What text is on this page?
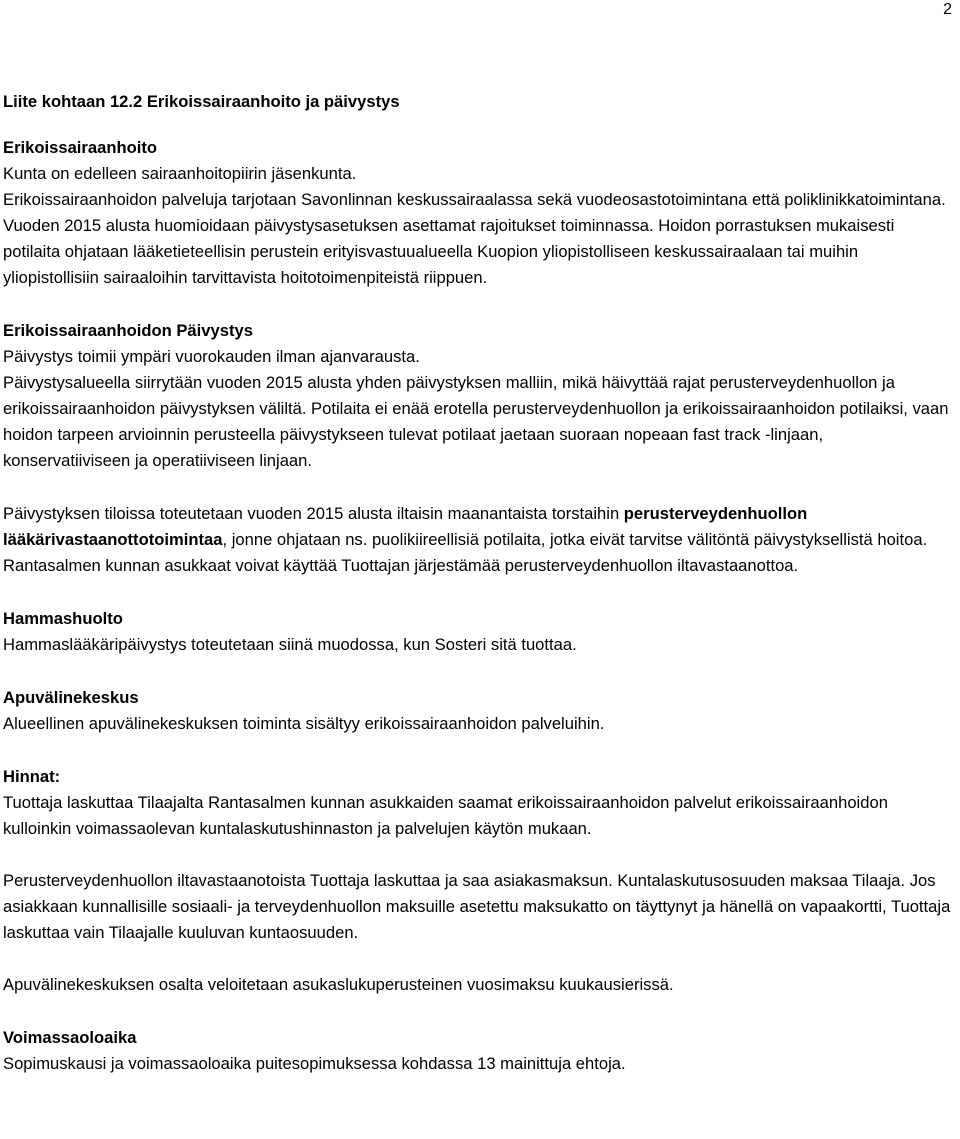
2

Liite kohtaan 12.2 Erikoissairaanhoito ja päivystys

Erikoissairaanhoito

Kunta on edelleen sairaanhoitopiirin jäsenkunta.

Erikoissairaanhoidon palveluja tarjotaan Savonlinnan keskussairaalassa sekä vuodeosastotoimintana että poliklinikkatoimintana. Vuoden 2015 alusta huomioidaan päivystysasetuksen asettamat rajoitukset toiminnassa. Hoidon porrastuksen mukaisesti potilaita ohjataan lääketieteellisin perustein erityisvastuualueella Kuopion yliopistolliseen keskussairaalaan tai muihin yliopistollisiin sairaaloihin tarvittavista hoitotoimenpiteistä riippuen.

Erikoissairaanhoidon Päivystys

Päivystys toimii ympäri vuorokauden ilman ajanvarausta.

Päivystysalueella siirrytään vuoden 2015 alusta yhden päivystyksen malliin, mikä häivyttää rajat perusterveydenhuollon ja erikoissairaanhoidon päivystyksen väliltä. Potilaita ei enää erotella perusterveydenhuollon ja erikoissairaanhoidon potilaiksi, vaan hoidon tarpeen arvioinnin perusteella päivystykseen tulevat potilaat jaetaan suoraan nopeaan fast track -linjaan, konservatiiviseen ja operatiiviseen linjaan.

Päivystyksen tiloissa toteutetaan vuoden 2015 alusta iltaisin maanantaista torstaihin perusterveydenhuollon lääkärivastaanottotoimintaa, jonne ohjataan ns. puolikiireellisiä potilaita, jotka eivät tarvitse välitöntä päivystyksellistä hoitoa. Rantasalmen kunnan asukkaat voivat käyttää Tuottajan järjestämää perusterveydenhuollon iltavastaanottoa.

Hammashuolto

Hammaslääkäripäivystys toteutetaan siinä muodossa, kun Sosteri sitä tuottaa.

Apuvälinekeskus

Alueellinen apuvälinekeskuksen toiminta sisältyy erikoissairaanhoidon palveluihin.

Hinnat:

Tuottaja laskuttaa Tilaajalta Rantasalmen kunnan asukkaiden saamat erikoissairaanhoidon palvelut erikoissairaanhoidon kulloinkin voimassaolevan kuntalaskutushinnaston ja palvelujen käytön mukaan.

Perusterveydenhuollon iltavastaanotoista Tuottaja laskuttaa ja saa asiakasmaksun. Kuntalaskutusosuuden maksaa Tilaaja. Jos asiakkaan kunnallisille sosiaali- ja terveydenhuollon maksuille asetettu maksukatto on täyttynyt ja hänellä on vapaakortti, Tuottaja laskuttaa vain Tilaajalle kuuluvan kuntaosuuden.

Apuvälinekeskuksen osalta veloitetaan asukaslukuperusteinen vuosimaksu kuukausierissä.

Voimassaoloaika

Sopimuskausi ja voimassaoloaika puitesopimuksessa kohdassa 13 mainittuja ehtoja.
